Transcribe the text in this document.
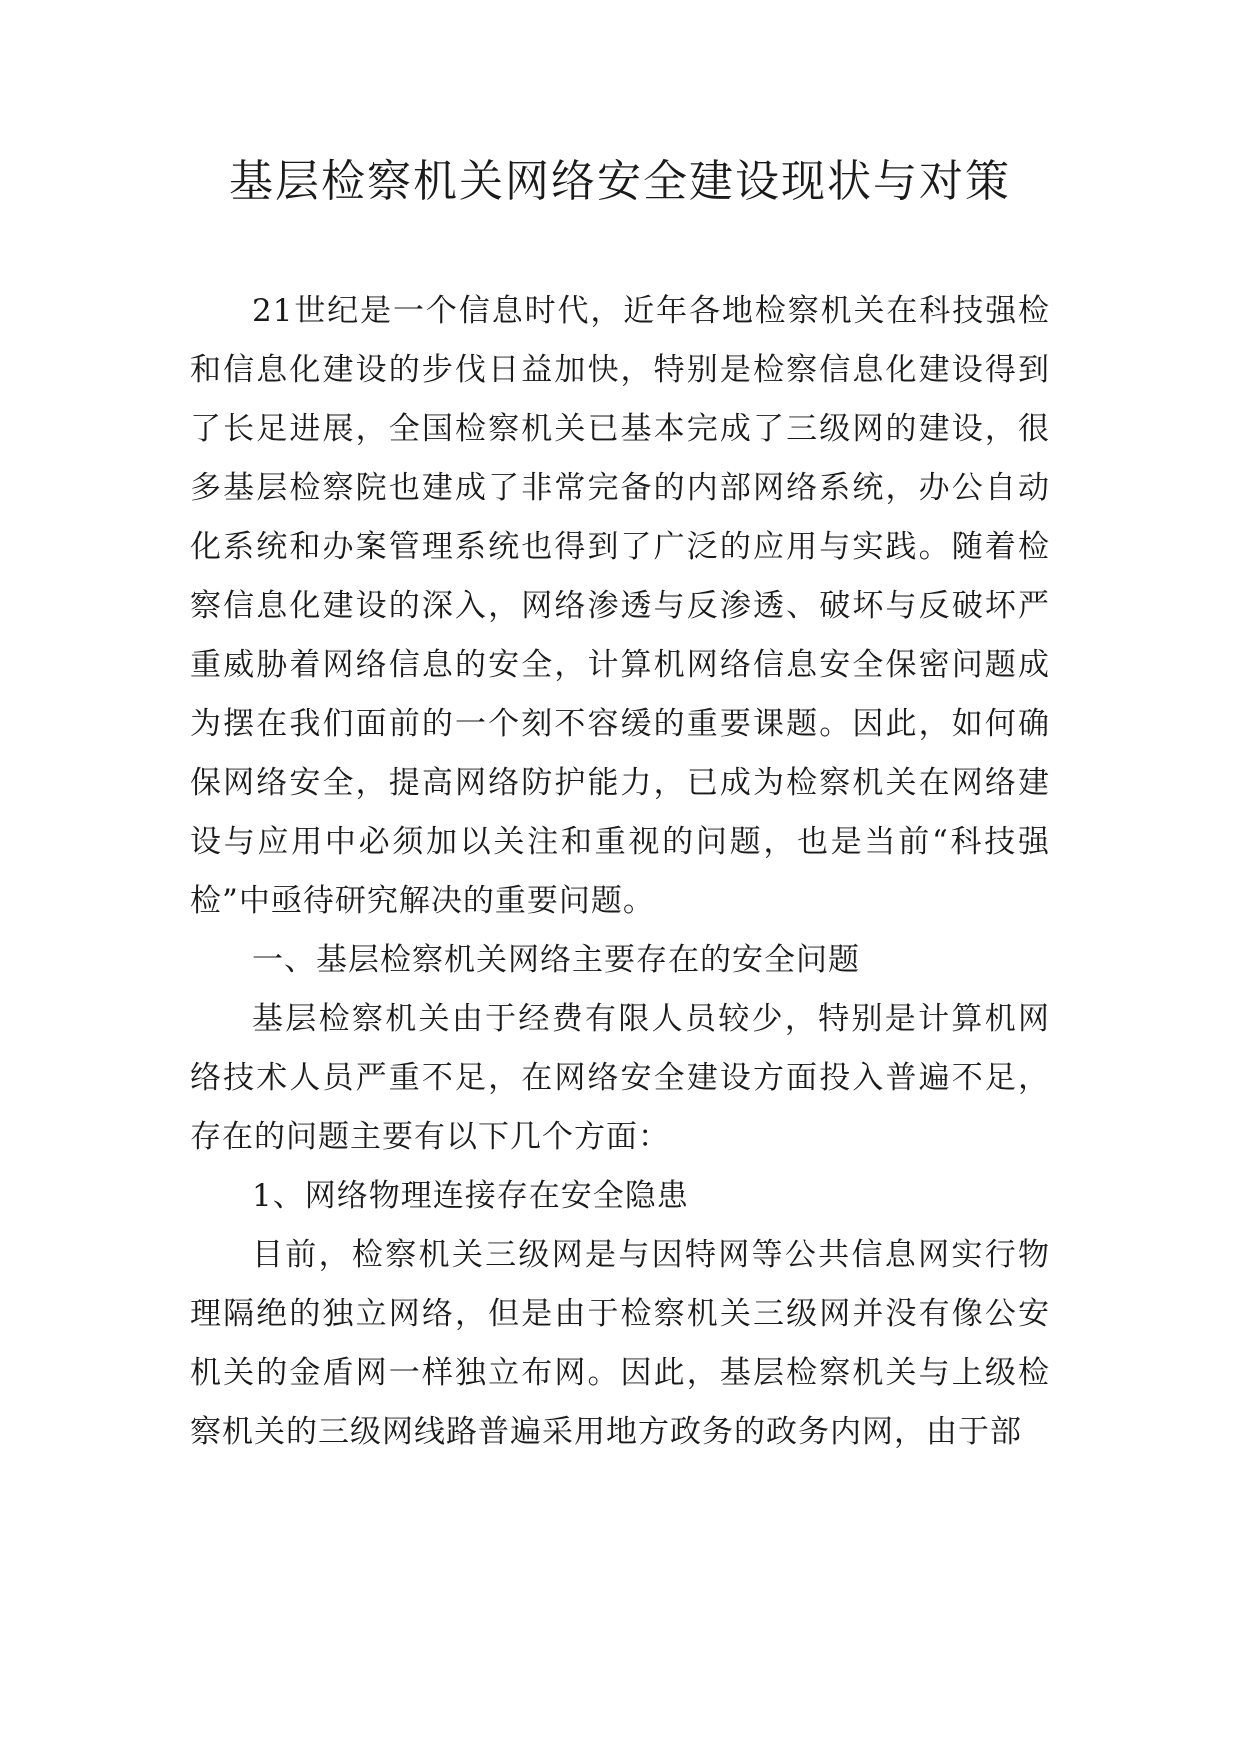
基层检察机关网络安全建设现状与对策

21世纪是一个信息时代，近年各地检察机关在科技强检和信息化建设的步伐日益加快，特别是检察信息化建设得到了长足进展，全国检察机关已基本完成了三级网的建设，很多基层检察院也建成了非常完备的内部网络系统，办公自动化系统和办案管理系统也得到了广泛的应用与实践。随着检察信息化建设的深入，网络渗透与反渗透、破坏与反破坏严重威胁着网络信息的安全，计算机网络信息安全保密问题成为摆在我们面前的一个刻不容缓的重要课题。因此，如何确保网络安全，提高网络防护能力，已成为检察机关在网络建设与应用中必须加以关注和重视的问题，也是当前“科技强检”中亟待研究解决的重要问题。

一、基层检察机关网络主要存在的安全问题

基层检察机关由于经费有限人员较少，特别是计算机网络技术人员严重不足，在网络安全建设方面投入普遍不足，存在的问题主要有以下几个方面：

1、网络物理连接存在安全隐患

目前，检察机关三级网是与因特网等公共信息网实行物理隔绝的独立网络，但是由于检察机关三级网并没有像公安机关的金盾网一样独立布网。因此，基层检察机关与上级检察机关的三级网线路普遍采用地方政务的政务内网，由于部
